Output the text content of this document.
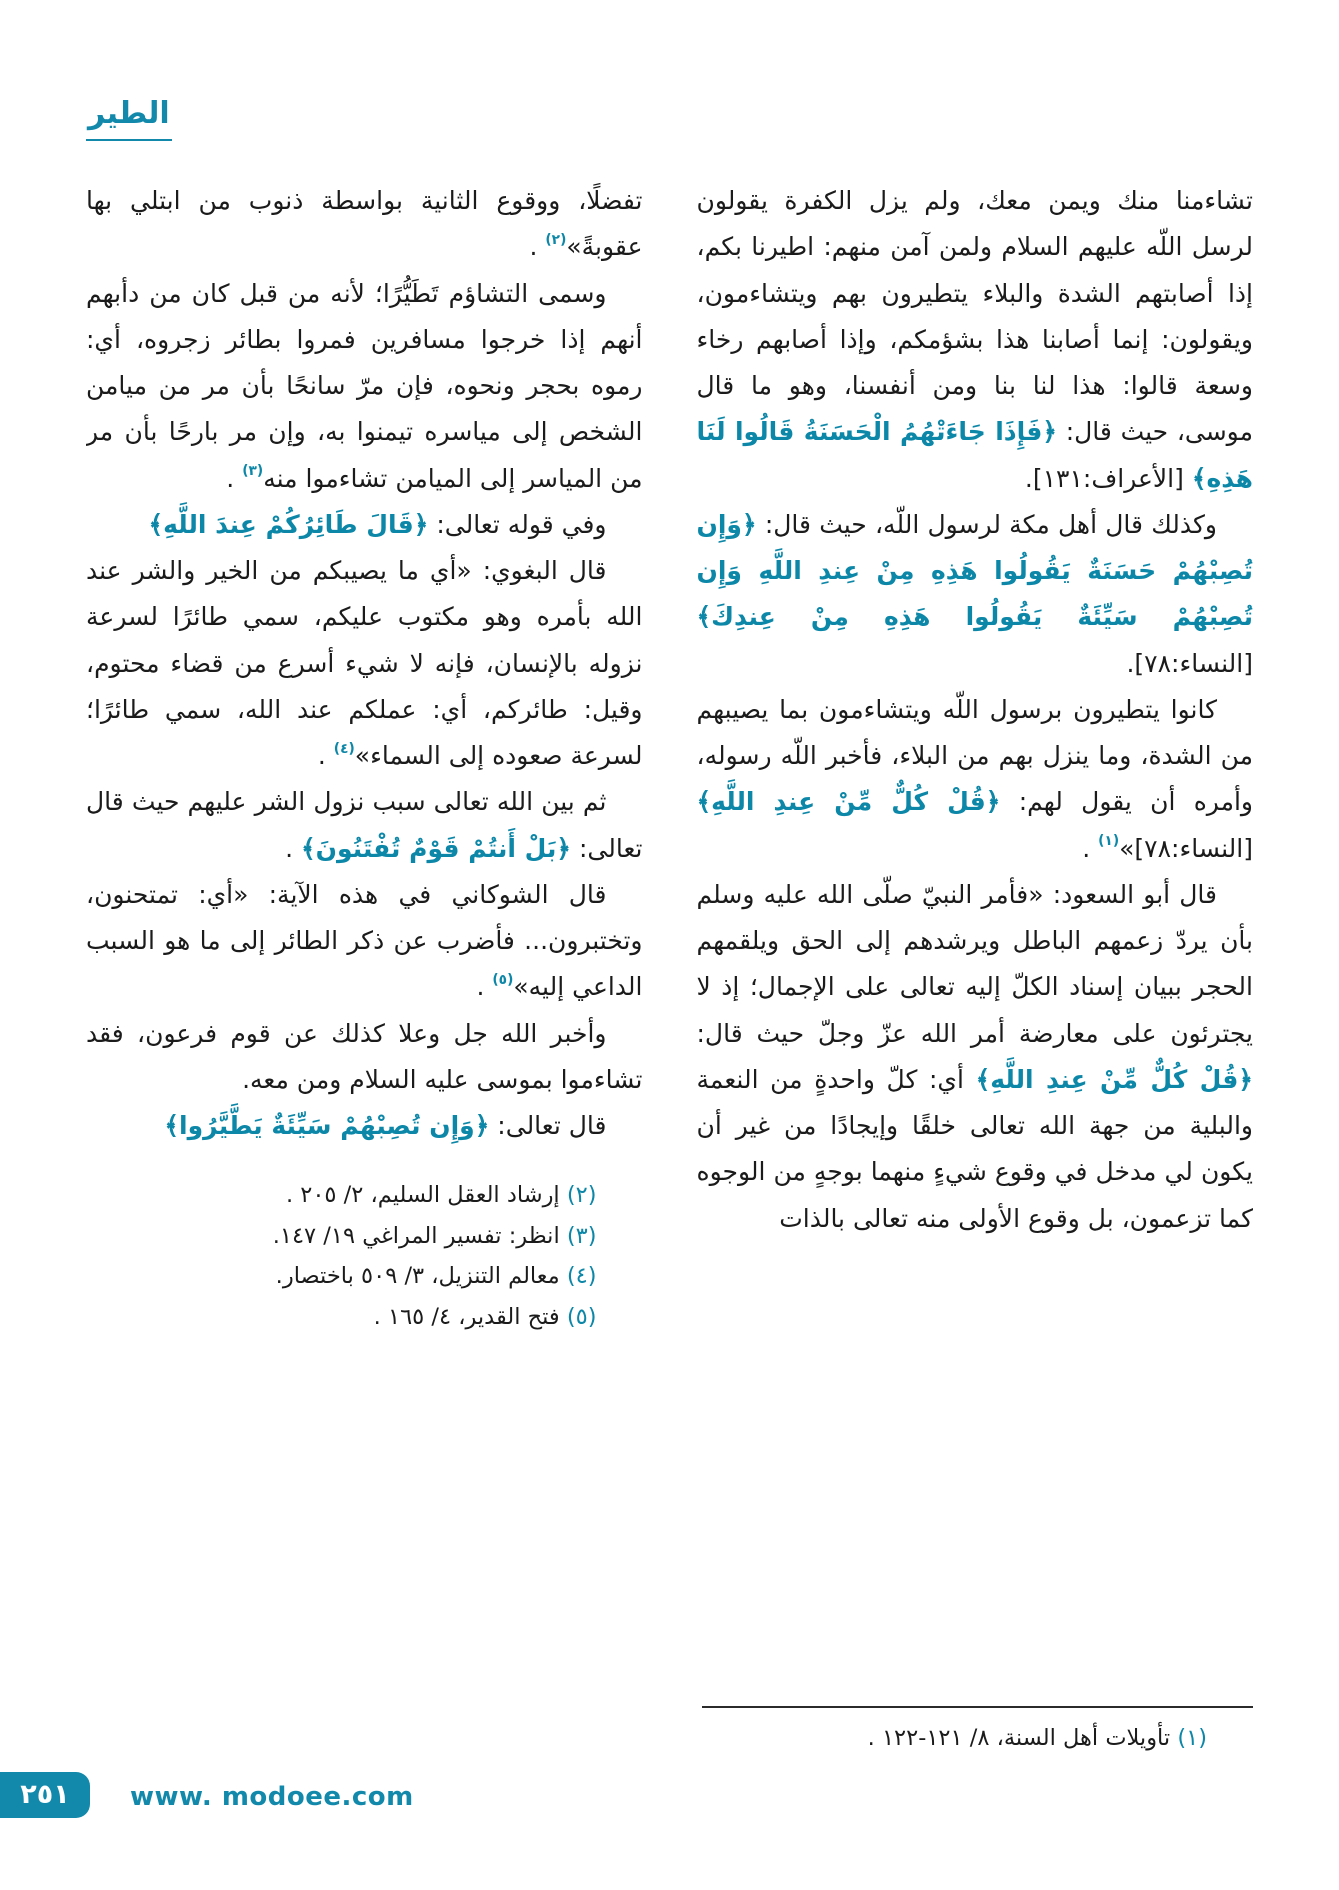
الطير

تشاءمنا منك ويمن معك، ولم يزل الكفرة يقولون لرسل اللّه عليهم السلام ولمن آمن منهم: اطيرنا بكم، إذا أصابتهم الشدة والبلاء يتطيرون بهم ويتشاءمون، ويقولون: إنما أصابنا هذا بشؤمكم، وإذا أصابهم رخاء وسعة قالوا: هذا لنا بنا ومن أنفسنا، وهو ما قال موسى، حيث قال: ﴿فَإِذَا جَاءَتْهُمُ الْحَسَنَةُ قَالُوا لَنَا هَذِهِ﴾ [الأعراف:١٣١].

وكذلك قال أهل مكة لرسول اللّه، حيث قال: ﴿وَإِن تُصِبْهُمْ حَسَنَةٌ يَقُولُوا هَذِهِ مِنْ عِندِ اللَّهِ وَإِن تُصِبْهُمْ سَيِّئَةٌ يَقُولُوا هَذِهِ مِنْ عِندِكَ﴾ [النساء:٧٨].

كانوا يتطيرون برسول اللّه ويتشاءمون بما يصيبهم من الشدة، وما ينزل بهم من البلاء، فأخبر اللّه رسوله، وأمره أن يقول لهم: ﴿قُلْ كُلٌّ مِّنْ عِندِ اللَّهِ﴾ [النساء:٧٨]»$^{(١)}$ .

قال أبو السعود: «فأمر النبيّ صلّى الله عليه وسلم بأن يردّ زعمهم الباطل ويرشدهم إلى الحق ويلقمهم الحجر ببيان إسناد الكلّ إليه تعالى على الإجمال؛ إذ لا يجترئون على معارضة أمر الله عزّ وجلّ حيث قال: ﴿قُلْ كُلٌّ مِّنْ عِندِ اللَّهِ﴾ أي: كلّ واحدةٍ من النعمة والبلية من جهة الله تعالى خلقًا وإيجادًا من غير أن يكون لي مدخل في وقوع شيءٍ منهما بوجهٍ من الوجوه كما تزعمون، بل وقوع الأولى منه تعالى بالذات

(١) تأويلات أهل السنة، ٨/ ١٢١-١٢٢ .

تفضلًا، ووقوع الثانية بواسطة ذنوب من ابتلي بها عقوبةً»$^{(٢)}$ .

وسمى التشاؤم تَطَيُّرًا؛ لأنه من قبل كان من دأبهم أنهم إذا خرجوا مسافرين فمروا بطائر زجروه، أي: رموه بحجر ونحوه، فإن مرّ سانحًا بأن مر من ميامن الشخص إلى مياسره تيمنوا به، وإن مر بارحًا بأن مر من المياسر إلى الميامن تشاءموا منه$^{(٣)}$ .

وفي قوله تعالى: ﴿قَالَ طَائِرُكُمْ عِندَ اللَّهِ﴾

قال البغوي: «أي ما يصيبكم من الخير والشر عند الله بأمره وهو مكتوب عليكم، سمي طائرًا لسرعة نزوله بالإنسان، فإنه لا شيء أسرع من قضاء محتوم، وقيل: طائركم، أي: عملكم عند الله، سمي طائرًا؛ لسرعة صعوده إلى السماء»$^{(٤)}$ .

ثم بين الله تعالى سبب نزول الشر عليهم حيث قال تعالى: ﴿بَلْ أَنتُمْ قَوْمٌ تُفْتَنُونَ﴾ .

قال الشوكاني في هذه الآية: «أي: تمتحنون، وتختبرون... فأضرب عن ذكر الطائر إلى ما هو السبب الداعي إليه»$^{(٥)}$ .

وأخبر الله جل وعلا كذلك عن قوم فرعون، فقد تشاءموا بموسى عليه السلام ومن معه.

قال تعالى: ﴿وَإِن تُصِبْهُمْ سَيِّئَةٌ يَطَّيَّرُوا﴾

(٢) إرشاد العقل السليم، ٢/ ٢٠٥ .
(٣) انظر: تفسير المراغي ١٩/ ١٤٧.
(٤) معالم التنزيل، ٣/ ٥٠٩ باختصار.
(٥) فتح القدير، ٤/ ١٦٥ .
٢٥١	www. modoee.com
